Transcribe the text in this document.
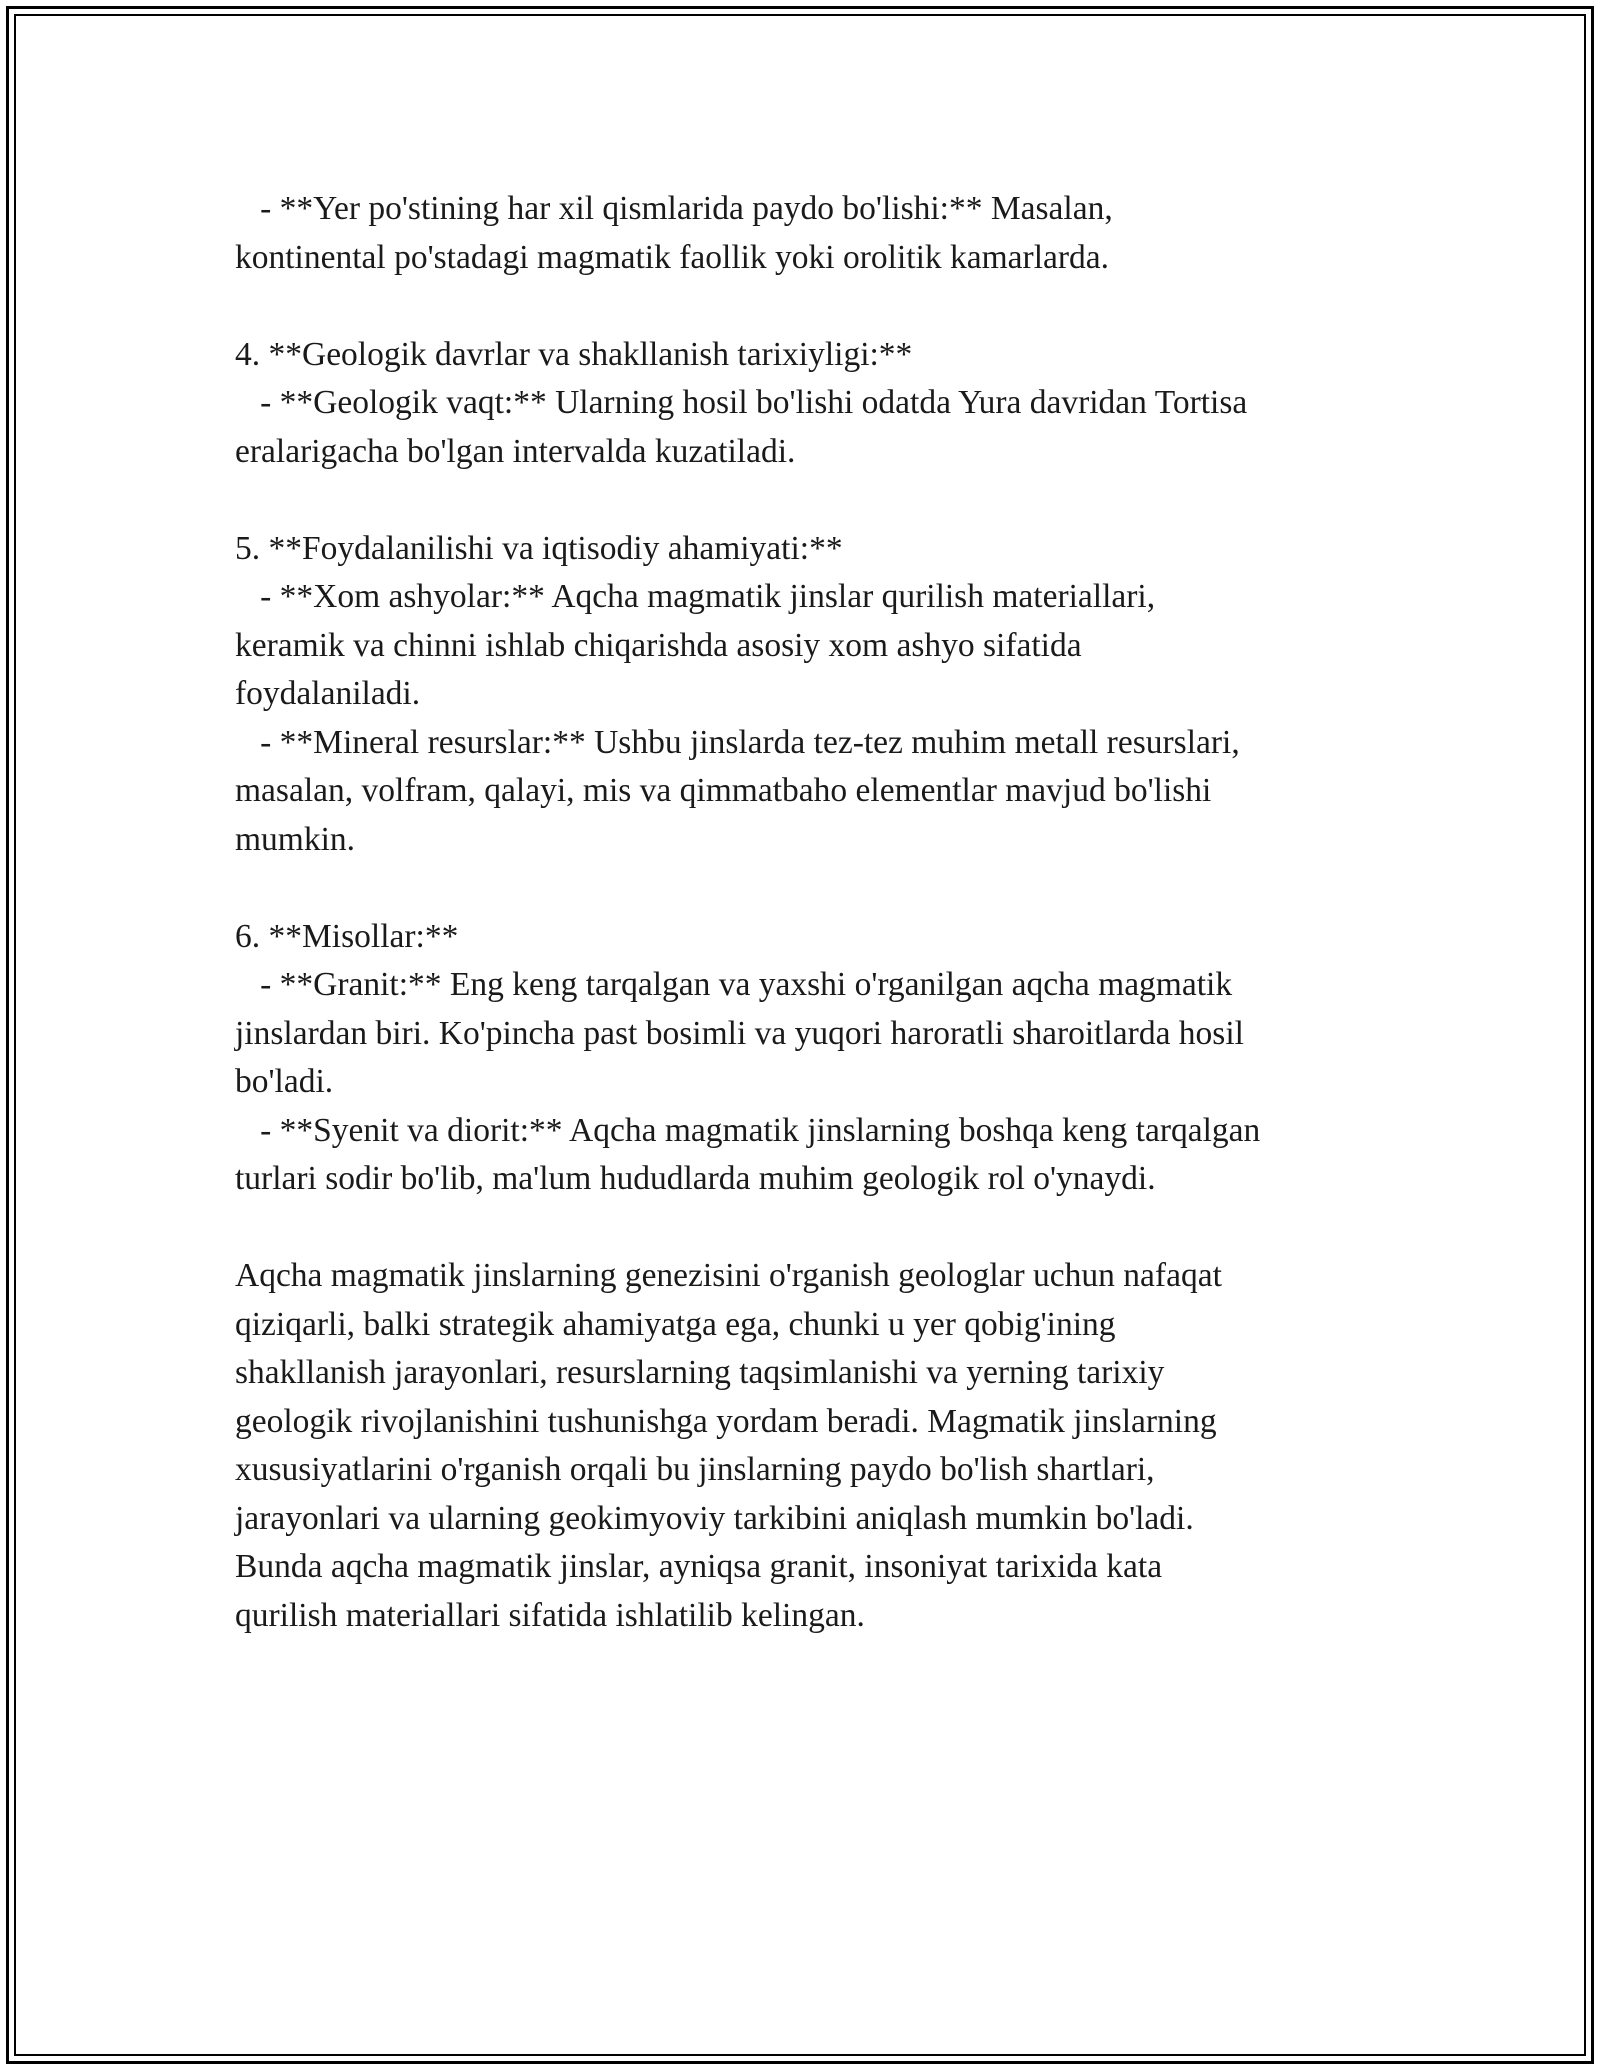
- **Yer po'stining har xil qismlarida paydo bo'lishi:** Masalan,

kontinental po'stadagi magmatik faollik yoki orolitik kamarlarda.

4. **Geologik davrlar va shakllanish tarixiyligi:**

- **Geologik vaqt:** Ularning hosil bo'lishi odatda Yura davridan Tortisa

eralarigacha bo'lgan intervalda kuzatiladi.

5. **Foydalanilishi va iqtisodiy ahamiyati:**

- **Xom ashyolar:** Aqcha magmatik jinslar qurilish materiallari,

keramik va chinni ishlab chiqarishda asosiy xom ashyo sifatida

foydalaniladi.

- **Mineral resurslar:** Ushbu jinslarda tez-tez muhim metall resurslari,

masalan, volfram, qalayi, mis va qimmatbaho elementlar mavjud bo'lishi

mumkin.

6. **Misollar:**

- **Granit:** Eng keng tarqalgan va yaxshi o'rganilgan aqcha magmatik

jinslardan biri. Ko'pincha past bosimli va yuqori haroratli sharoitlarda hosil

bo'ladi.

- **Syenit va diorit:** Aqcha magmatik jinslarning boshqa keng tarqalgan

turlari sodir bo'lib, ma'lum hududlarda muhim geologik rol o'ynaydi.

Aqcha magmatik jinslarning genezisini o'rganish geologlar uchun nafaqat

qiziqarli, balki strategik ahamiyatga ega, chunki u yer qobig'ining

shakllanish jarayonlari, resurslarning taqsimlanishi va yerning tarixiy

geologik rivojlanishini tushunishga yordam beradi. Magmatik jinslarning

xususiyatlarini o'rganish orqali bu jinslarning paydo bo'lish shartlari,

jarayonlari va ularning geokimyoviy tarkibini aniqlash mumkin bo'ladi.

Bunda aqcha magmatik jinslar, ayniqsa granit, insoniyat tarixida kata

qurilish materiallari sifatida ishlatilib kelingan.
